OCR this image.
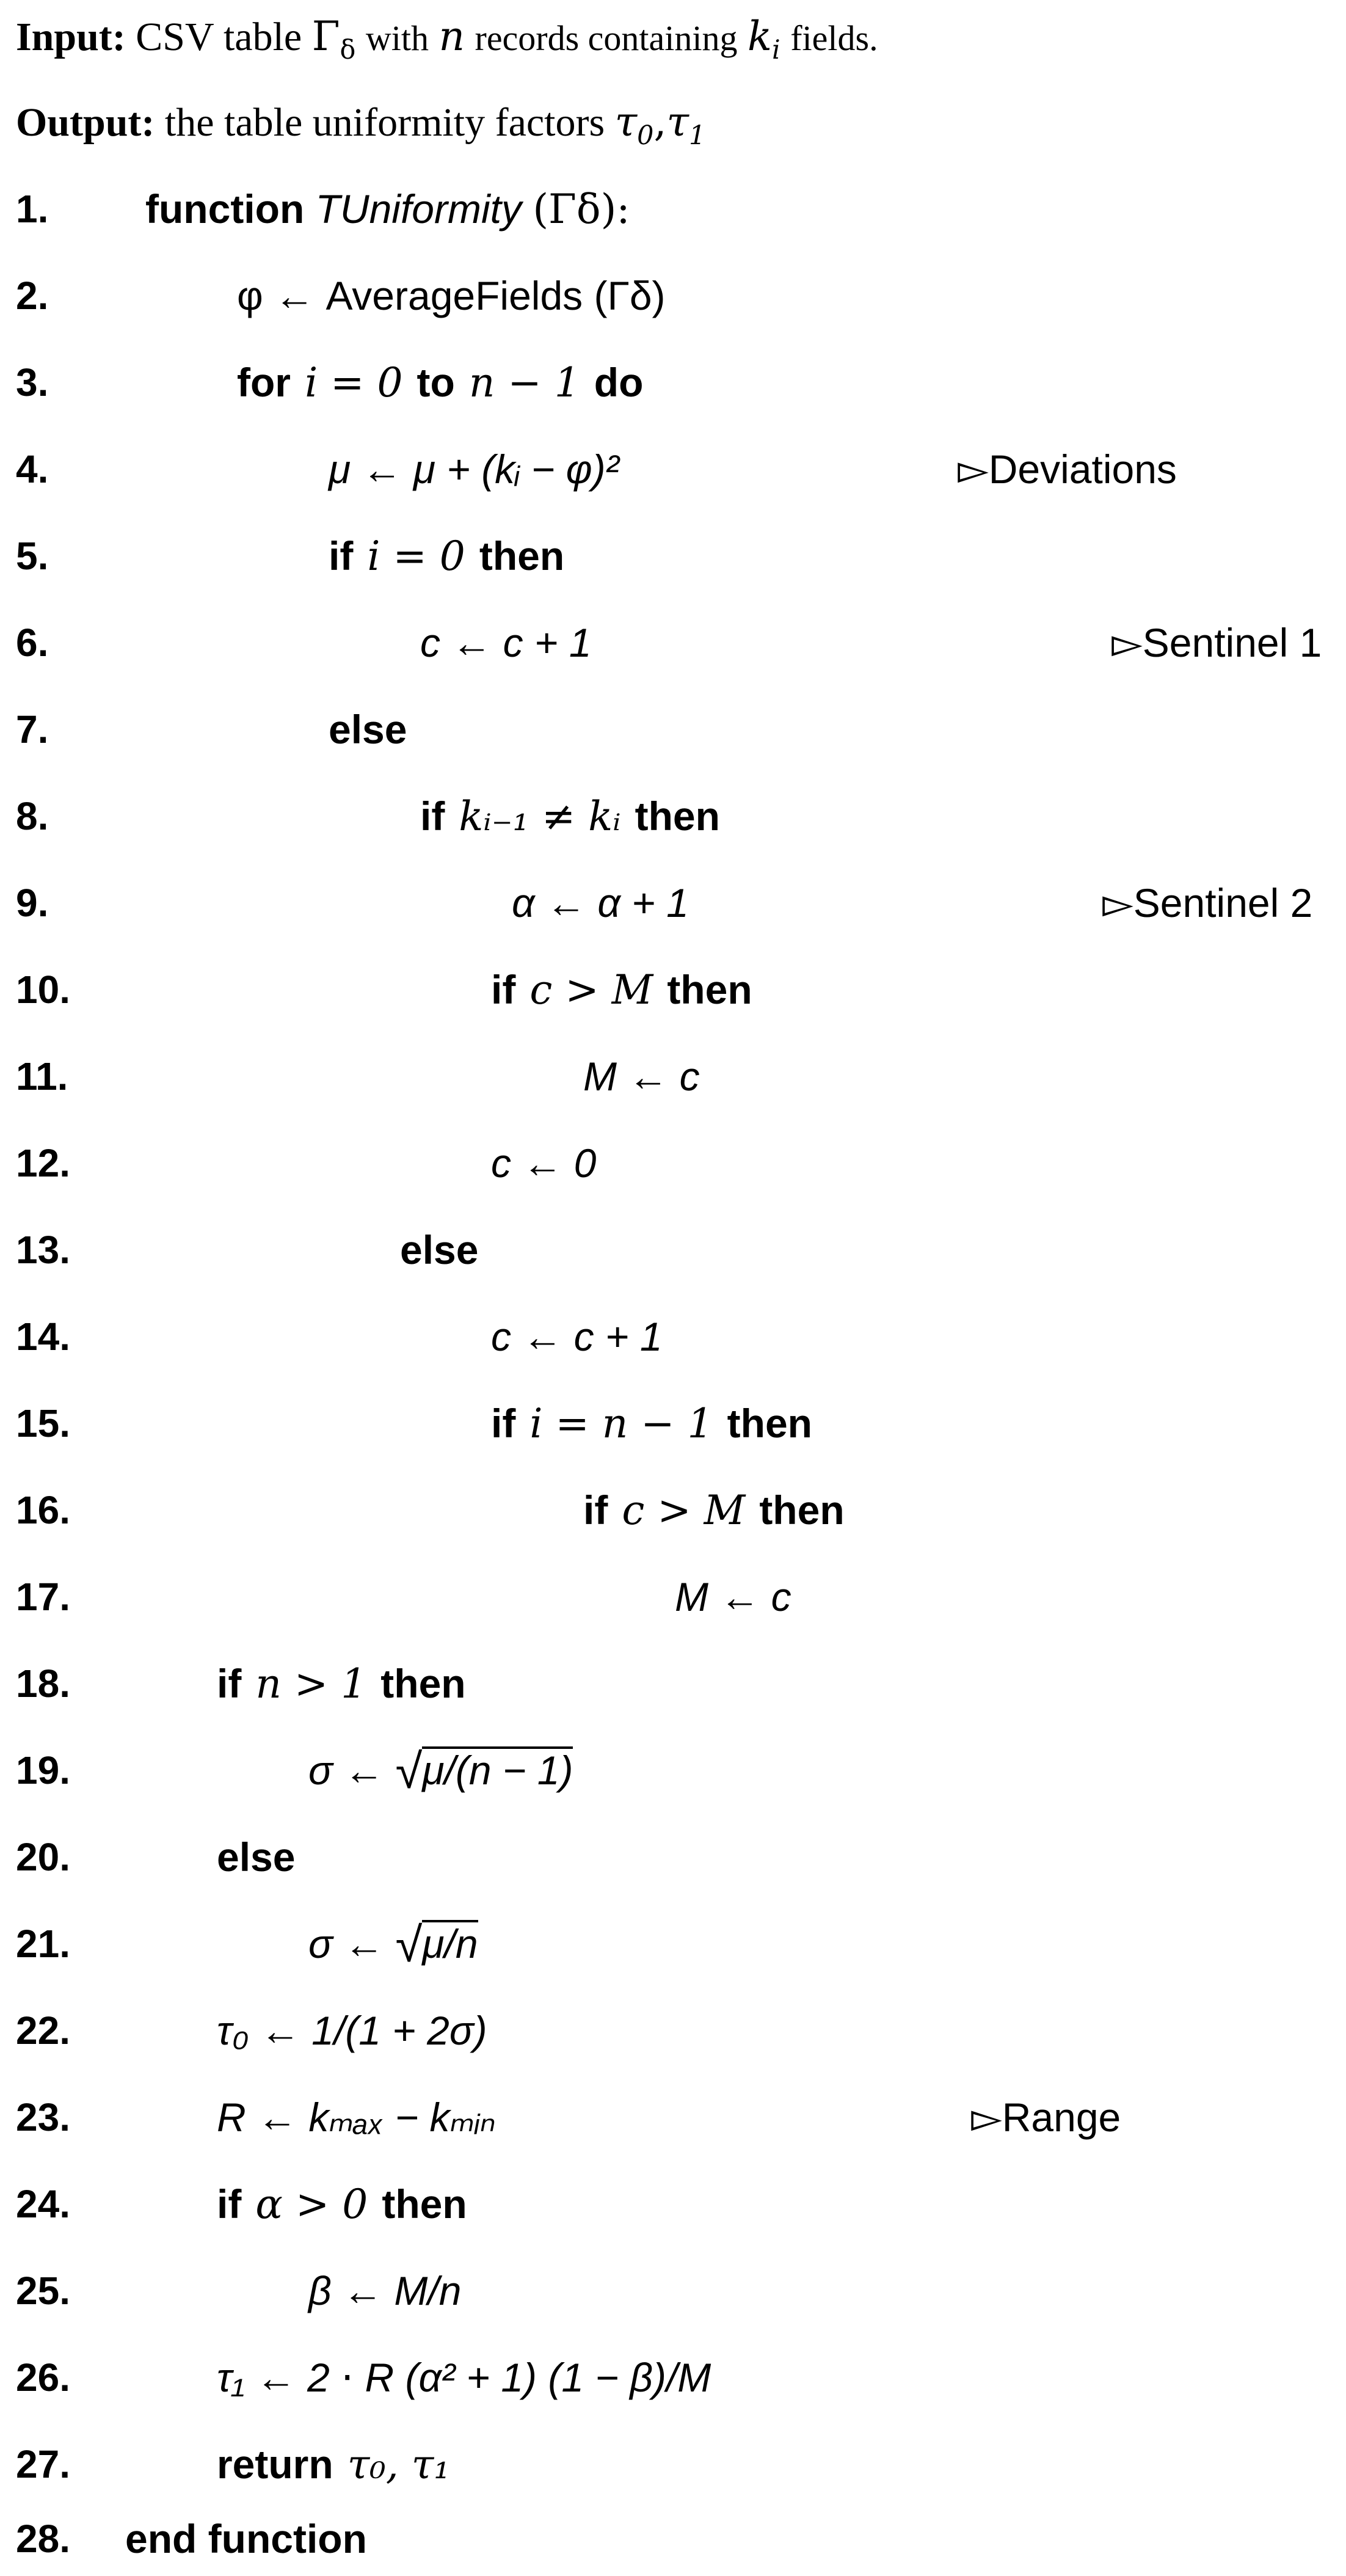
Input: CSV table $\Gamma_\delta$ with n records containing $k_i$ fields.
Output: the table uniformity factors $\tau_0,\tau_1$
1. function TUniformity (Γδ):
2.	φ ← AverageFields (Γδ)
3.	for i = 0 to n − 1 do
4.	μ ← μ + (kᵢ − φ)²	▻Deviations
5.	if i = 0 then
6.	c ← c + 1	▻Sentinel 1
7.	else
8.	if kᵢ₋₁ ≠ kᵢ then
9.	α ← α + 1	▻Sentinel 2
10.	if c > M then
11.	M ← c
12.	c ← 0
13.	else
14.	c ← c + 1
15.	if i = n − 1 then
16.	if c > M then
17.	M ← c
18.	if n > 1 then
19.	σ ← √μ/(n − 1)
20.	else
21.	σ ← √μ/n
22.	τ₀ ← 1/(1 + 2σ)
23.	R ← kₘₐₓ − kₘᵢₙ	▻Range
24.	if α > 0 then
25.	β ← M/n
26.	τ₁ ← 2 ⋅ R (α² + 1) (1 − β)/M
27.	return τ₀, τ₁
28. end function
